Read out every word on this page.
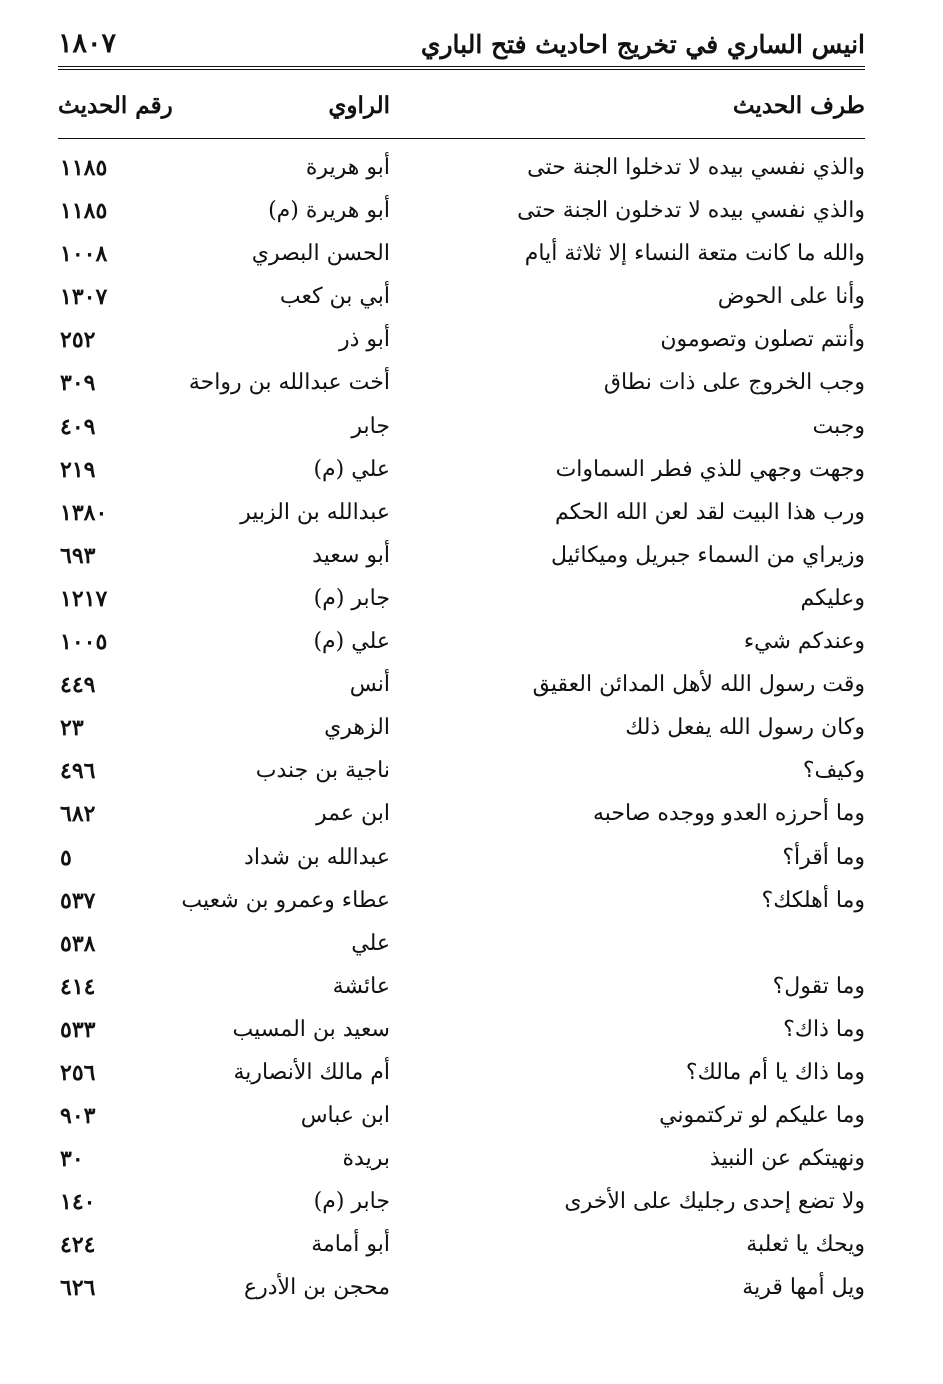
انيس الساري في تخريج احاديث فتح الباري
١٨٠٧
طرف الحديث
الراوي
رقم الحديث
والذي نفسي بيده لا تدخلوا الجنة حتى
أبو هريرة
١١٨٥
والذي نفسي بيده لا تدخلون الجنة حتى
أبو هريرة (م)
١١٨٥
والله ما كانت متعة النساء إلا ثلاثة أيام
الحسن البصري
١٠٠٨
وأنا على الحوض
أبي بن كعب
١٣٠٧
وأنتم تصلون وتصومون
أبو ذر
٢٥٢
وجب الخروج على ذات نطاق
أخت عبدالله بن رواحة
٣٠٩
وجبت
جابر
٤٠٩
وجهت وجهي للذي فطر السماوات
علي (م)
٢١٩
ورب هذا البيت لقد لعن الله الحكم
عبدالله بن الزبير
١٣٨٠
وزيراي من السماء جبريل وميكائيل
أبو سعيد
٦٩٣
وعليكم
جابر (م)
١٢١٧
وعندكم شيء
علي (م)
١٠٠٥
وقت رسول الله لأهل المدائن العقيق
أنس
٤٤٩
وكان رسول الله يفعل ذلك
الزهري
٢٣
وكيف؟
ناجية بن جندب
٤٩٦
وما أحرزه العدو ووجده صاحبه
ابن عمر
٦٨٢
وما أقرأ؟
عبدالله بن شداد
٥
وما أهلكك؟
عطاء وعمرو بن شعيب
٥٣٧
علي
٥٣٨
وما تقول؟
عائشة
٤١٤
وما ذاك؟
سعيد بن المسيب
٥٣٣
وما ذاك يا أم مالك؟
أم مالك الأنصارية
٢٥٦
وما عليكم لو تركتموني
ابن عباس
٩٠٣
ونهيتكم عن النبيذ
بريدة
٣٠
ولا تضع إحدى رجليك على الأخرى
جابر (م)
١٤٠
ويحك يا ثعلبة
أبو أمامة
٤٢٤
ويل أمها قرية
محجن بن الأدرع
٦٢٦
